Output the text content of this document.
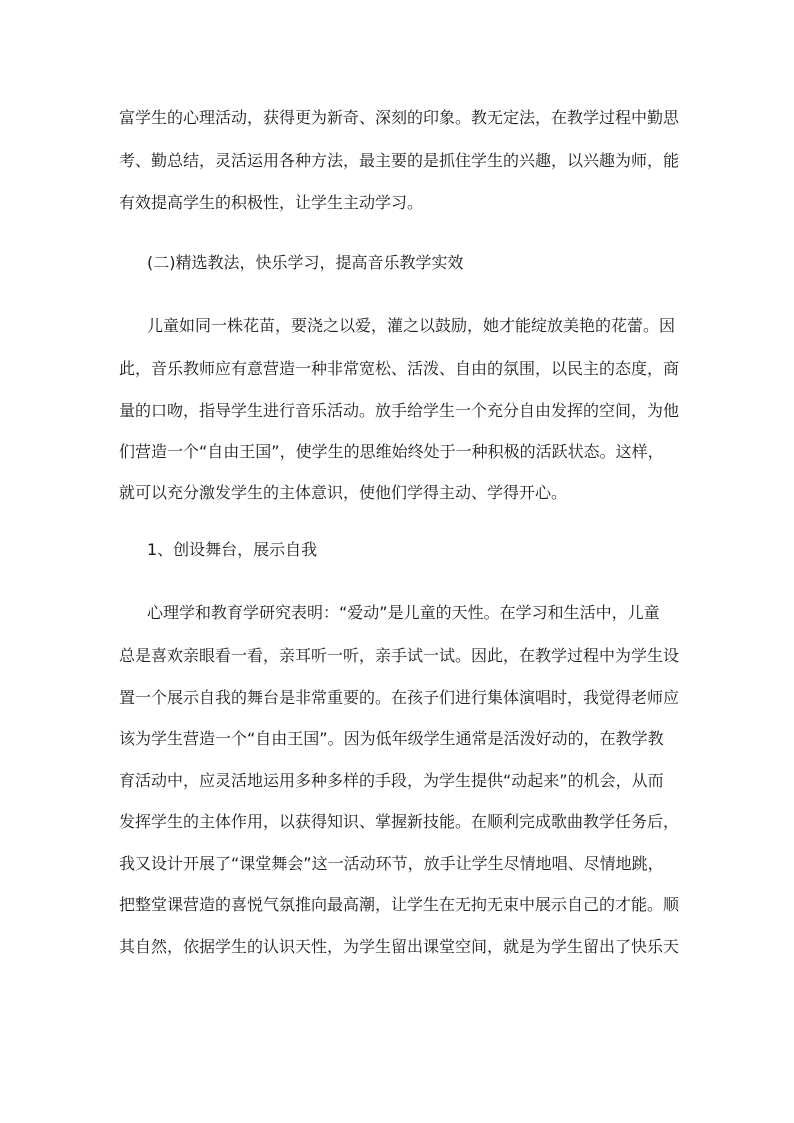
富学生的心理活动，获得更为新奇、深刻的印象。教无定法，在教学过程中勤思
考、勤总结，灵活运用各种方法，最主要的是抓住学生的兴趣，以兴趣为师，能
有效提高学生的积极性，让学生主动学习。
(二)精选教法，快乐学习，提高音乐教学实效
儿童如同一株花苗，要浇之以爱，灌之以鼓励，她才能绽放美艳的花蕾。因
此，音乐教师应有意营造一种非常宽松、活泼、自由的氛围，以民主的态度，商
量的口吻，指导学生进行音乐活动。放手给学生一个充分自由发挥的空间，为他
们营造一个“自由王国”，使学生的思维始终处于一种积极的活跃状态。这样，
就可以充分激发学生的主体意识，使他们学得主动、学得开心。
1、创设舞台，展示自我
心理学和教育学研究表明：“爱动”是儿童的天性。在学习和生活中，儿童
总是喜欢亲眼看一看，亲耳听一听，亲手试一试。因此，在教学过程中为学生设
置一个展示自我的舞台是非常重要的。在孩子们进行集体演唱时，我觉得老师应
该为学生营造一个“自由王国”。因为低年级学生通常是活泼好动的，在教学教
育活动中，应灵活地运用多种多样的手段，为学生提供“动起来”的机会，从而
发挥学生的主体作用，以获得知识、掌握新技能。在顺利完成歌曲教学任务后，
我又设计开展了“课堂舞会”这一活动环节，放手让学生尽情地唱、尽情地跳，
把整堂课营造的喜悦气氛推向最高潮，让学生在无拘无束中展示自己的才能。顺
其自然，依据学生的认识天性，为学生留出课堂空间，就是为学生留出了快乐天
